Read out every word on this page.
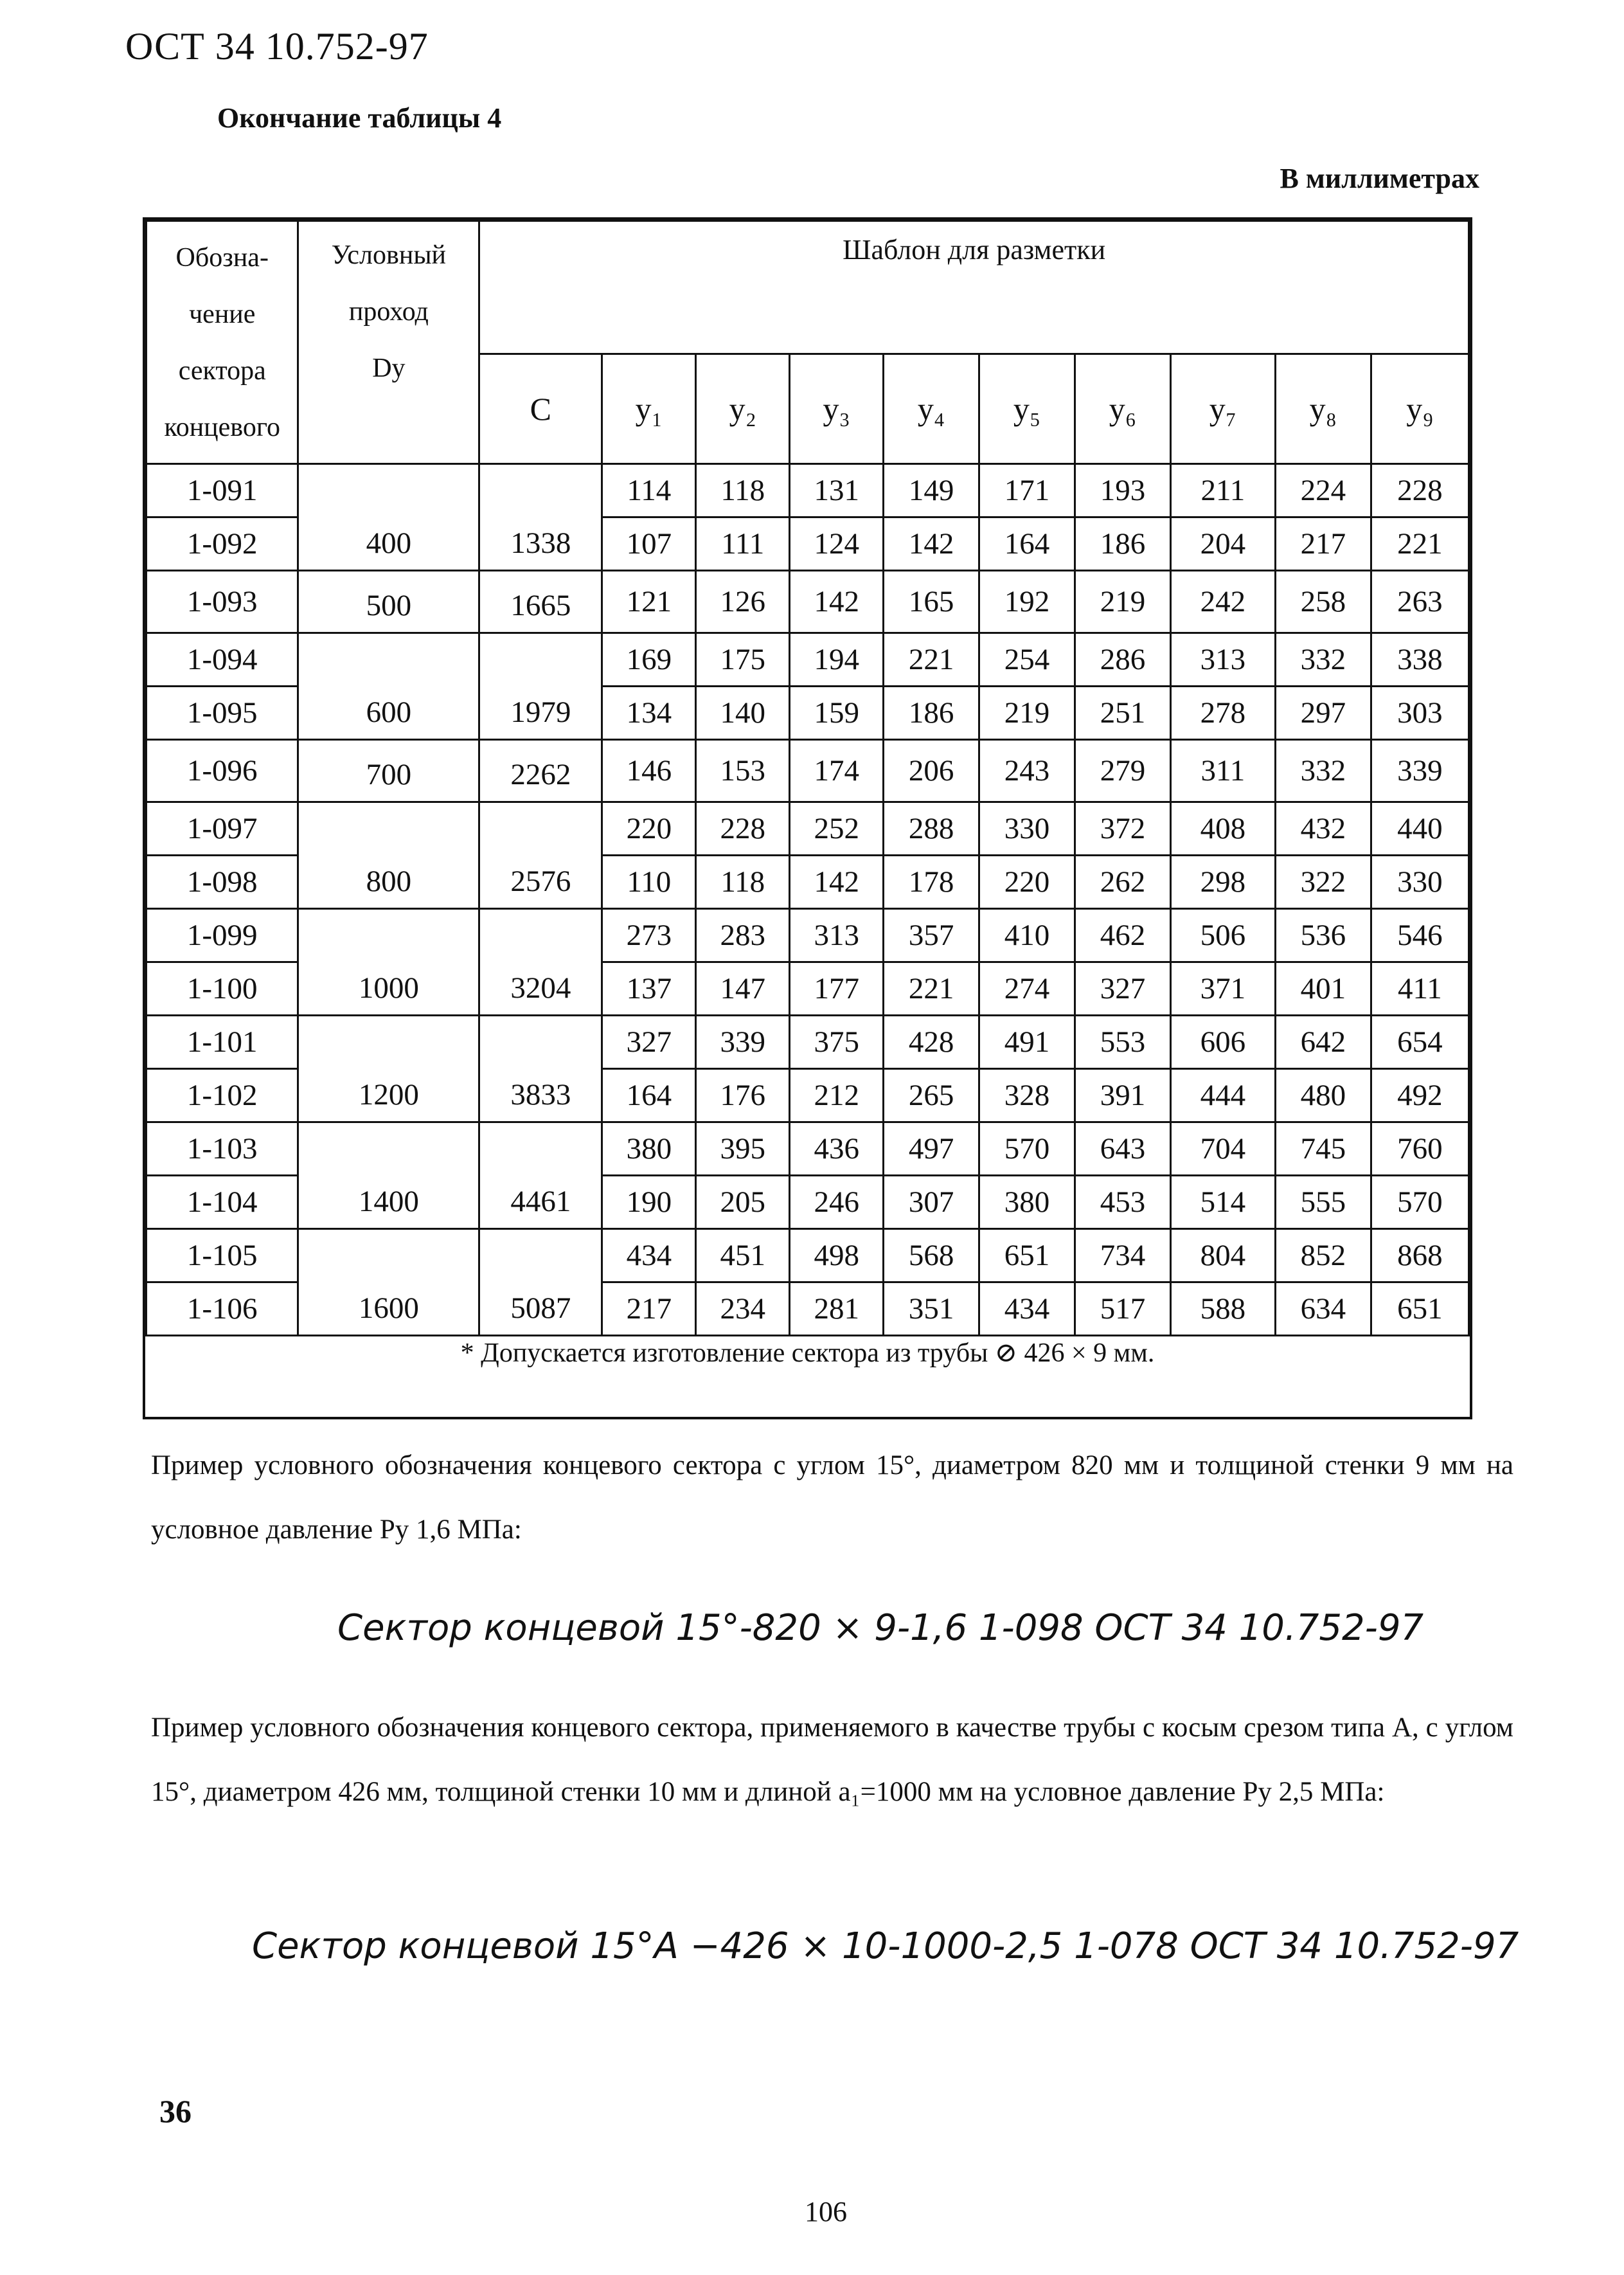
ОСТ 34 10.752-97
Окончание таблицы 4
В миллиметрах
Обозна-
чение
сектора
концевого	Условный
проход
Dу	Шаблон для разметки									
		С	у₁	у₂	у₃	у₄	у₅	у₆	у₇	у₈	у₉
1-091	400	1338	114	118	131	149	171	193	211	224	228
1-092			107	111	124	142	164	186	204	217	221
1-093	500	1665	121	126	142	165	192	219	242	258	263
1-094	600	1979	169	175	194	221	254	286	313	332	338
1-095			134	140	159	186	219	251	278	297	303
1-096	700	2262	146	153	174	206	243	279	311	332	339
1-097	800	2576	220	228	252	288	330	372	408	432	440
1-098			110	118	142	178	220	262	298	322	330
1-099	1000	3204	273	283	313	357	410	462	506	536	546
1-100			137	147	177	221	274	327	371	401	411
1-101	1200	3833	327	339	375	428	491	553	606	642	654
1-102			164	176	212	265	328	391	444	480	492
1-103	1400	4461	380	395	436	497	570	643	704	745	760
1-104			190	205	246	307	380	453	514	555	570
1-105	1600	5087	434	451	498	568	651	734	804	852	868
1-106			217	234	281	351	434	517	588	634	651
* Допускается изготовление сектора из трубы ⊘ 426 × 9 мм.											
Пример условного обозначения концевого сектора с углом 15°, диаметром 820 мм и толщиной стенки 9 мм на условное давление Ру 1,6 МПа:
Сектор концевой 15°-820 × 9-1,6 1-098 ОСТ 34 10.752-97
Пример условного обозначения концевого сектора, применяемого в качестве трубы с косым срезом типа А, с углом 15°, диаметром 426 мм, толщиной стенки 10 мм и длиной a₁=1000 мм на условное давление Ру 2,5 МПа:
Сектор концевой 15°А −426 × 10-1000-2,5 1-078 ОСТ 34 10.752-97
36
106
